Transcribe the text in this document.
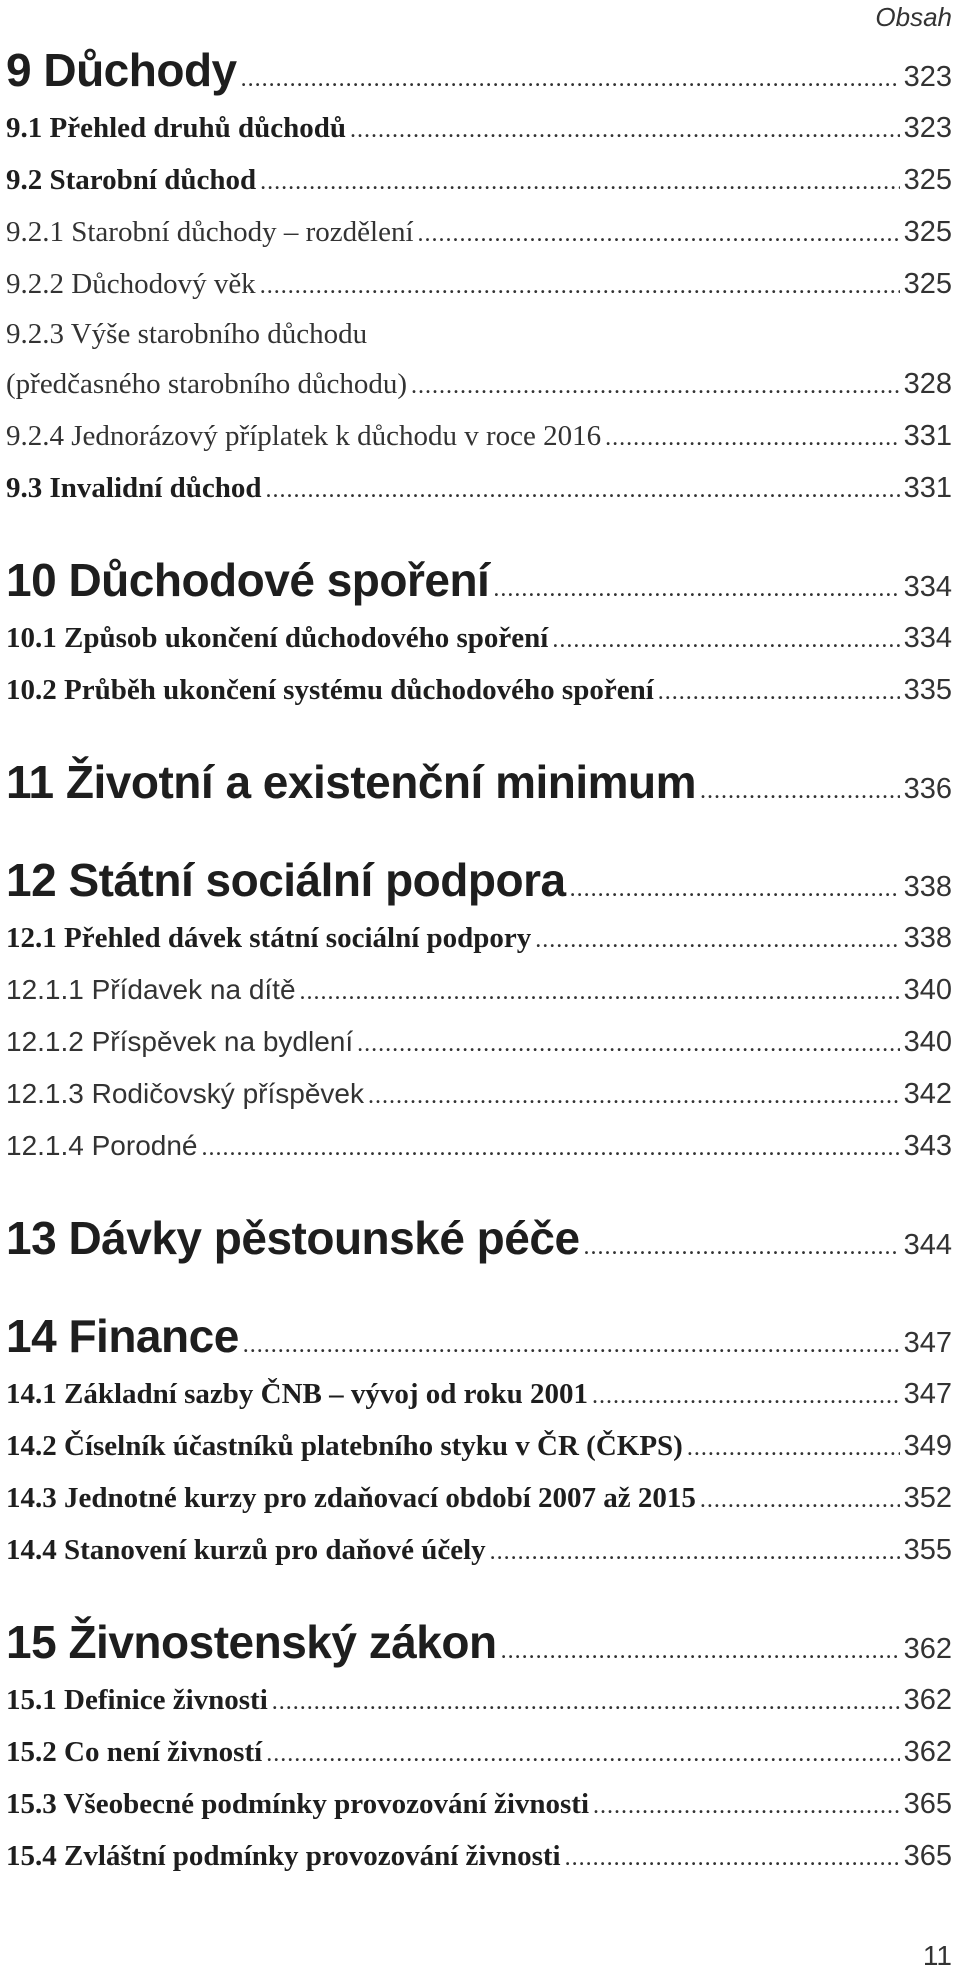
Obsah
9 Důchody .....	323
9.1 Přehled druhů důchodů .....	323
9.2 Starobní důchod .....	325
9.2.1 Starobní důchody – rozdělení .....	325
9.2.2 Důchodový věk .....	325
9.2.3 Výše starobního důchodu
(předčasného starobního důchodu) .....	328
9.2.4 Jednorázový příplatek k důchodu v roce 2016 .....	331
9.3 Invalidní důchod .....	331
10 Důchodové spoření .....	334
10.1 Způsob ukončení důchodového spoření .....	334
10.2 Průběh ukončení systému důchodového spoření .....	335
11 Životní a existenční minimum .....	336
12 Státní sociální podpora .....	338
12.1 Přehled dávek státní sociální podpory .....	338
12.1.1 Přídavek na dítě .....	340
12.1.2 Příspěvek na bydlení .....	340
12.1.3 Rodičovský příspěvek .....	342
12.1.4 Porodné .....	343
13 Dávky pěstounské péče .....	344
14 Finance .....	347
14.1 Základní sazby ČNB – vývoj od roku 2001 .....	347
14.2 Číselník účastníků platebního styku v ČR (ČKPS) .....	349
14.3 Jednotné kurzy pro zdaňovací období 2007 až 2015 .....	352
14.4 Stanovení kurzů pro daňové účely .....	355
15 Živnostenský zákon .....	362
15.1 Definice živnosti .....	362
15.2 Co není živností .....	362
15.3 Všeobecné podmínky provozování živnosti .....	365
15.4 Zvláštní podmínky provozování živnosti .....	365
11
